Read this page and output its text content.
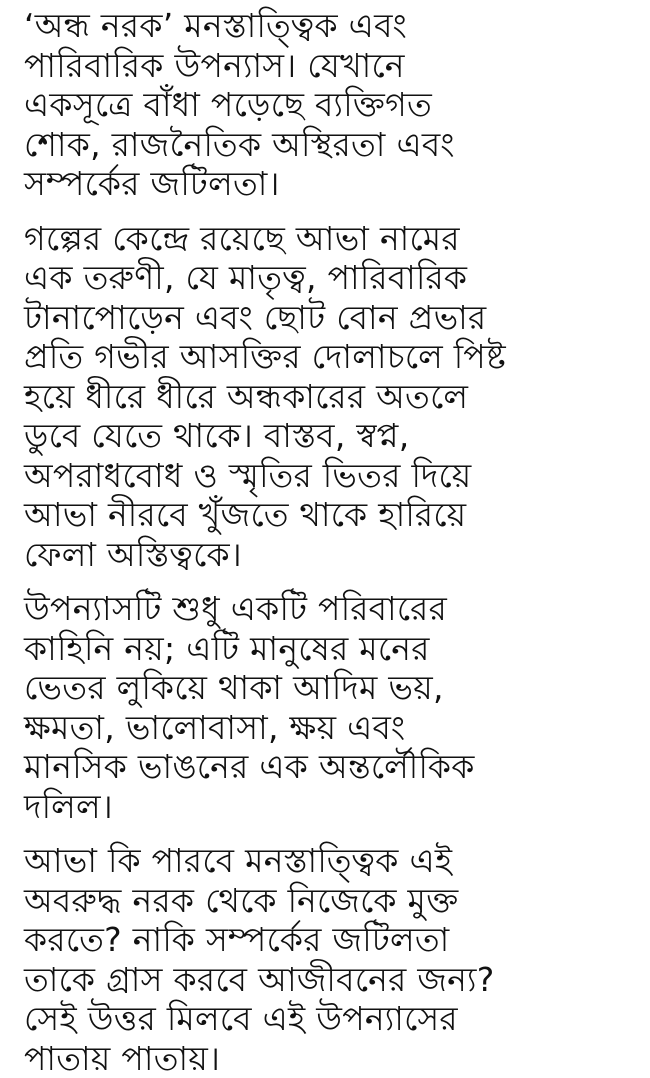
‘অন্ধ নরক’ মনস্তাত্ত্বিক এবং
পারিবারিক উপন্যাস। যেখানে
একসূত্রে বাঁধা পড়েছে ব্যক্তিগত
শোক, রাজনৈতিক অস্থিরতা এবং
সম্পর্কের জটিলতা।
গল্পের কেন্দ্রে রয়েছে আভা নামের
এক তরুণী, যে মাতৃত্ব, পারিবারিক
টানাপোড়েন এবং ছোট বোন প্রভার
প্রতি গভীর আসক্তির দোলাচলে পিষ্ট
হয়ে ধীরে ধীরে অন্ধকারের অতলে
ডুবে যেতে থাকে। বাস্তব, স্বপ্ন,
অপরাধবোধ ও স্মৃতির ভিতর দিয়ে
আভা নীরবে খুঁজতে থাকে হারিয়ে
ফেলা অস্তিত্বকে।
উপন্যাসটি শুধু একটি পরিবারের
কাহিনি নয়; এটি মানুষের মনের
ভেতর লুকিয়ে থাকা আদিম ভয়,
ক্ষমতা, ভালোবাসা, ক্ষয় এবং
মানসিক ভাঙনের এক অন্তর্লৌকিক
দলিল।
আভা কি পারবে মনস্তাত্ত্বিক এই
অবরুদ্ধ নরক থেকে নিজেকে মুক্ত
করতে? নাকি সম্পর্কের জটিলতা
তাকে গ্রাস করবে আজীবনের জন্য?
সেই উত্তর মিলবে এই উপন্যাসের
পাতায় পাতায়।
